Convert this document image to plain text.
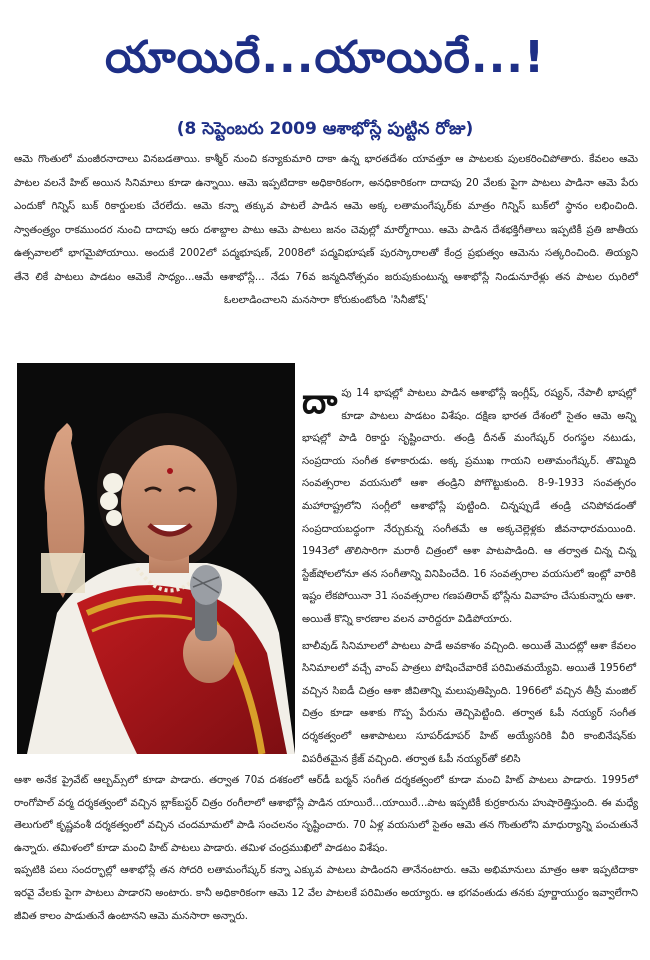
యాయిరే...యాయిరే...!
(8 సెప్టెంబరు 2009 ఆశాభోస్లే పుట్టిన రోజు)
ఆమె గొంతులో మంజీరనాదాలు వినబడతాయి. కాశ్మీర్ నుంచి కన్యాకుమారి దాకా ఉన్న భారతదేశం యావత్తూ ఆ పాటలకు పులకరించిపోతారు. కేవలం ఆమె పాటల వలనే హిట్ అయిన సినిమాలు కూడా ఉన్నాయి. ఆమె ఇప్పటిదాకా అధికారికంగా, అనధికారికంగా దాదాపు 20 వేలకు పైగా పాటలు పాడినా ఆమె పేరు ఎందుకో గిన్నిస్ బుక్ రికార్డులకు చేరలేదు. ఆమె కన్నా తక్కువ పాటలే పాడిన ఆమె అక్క లతామంగేష్కర్‌కు మాత్రం గిన్నిస్ బుక్‌లో స్థానం లభించింది. స్వాతంత్ర్యం రాకముందర నుంచి దాదాపు ఆరు దశాబ్దాల పాటు ఆమె పాటలు జనం చెవుల్లో మార్మోగాయి. ఆమె పాడిన దేశభక్తిగీతాలు ఇప్పటికీ ప్రతి జాతీయ ఉత్సవాలలో భాగమైపోయాయి. అందుకే 2002లో పద్మభూషణ్, 2008లో పద్మవిభూషణ్ పురస్కారాలతో కేంద్ర ప్రభుత్వం ఆమెను సత్కరించింది. తియ్యని తేనె లికే పాటలు పాడటం ఆమెకే సాధ్యం...ఆమే ఆశాభోస్లే... నేడు 76వ జన్మదినోత్సవం జరుపుకుంటున్న ఆశాభోస్లే నిండునూరేళ్లు తన పాటల ఝరిలో ఓలలాడించాలని మనసారా కోరుకుంటోంది 'సినీజోష్'

దా పు 14 భాషల్లో పాటలు పాడిన ఆశాభోస్లే ఇంగ్లీష్, రష్యన్, నేపాలీ భాషల్లో కూడా పాటలు పాడటం విశేషం. దక్షిణ భారత దేశంలో సైతం ఆమె అన్ని భాషల్లో పాడి రికార్డు సృష్టించారు. తండ్రి దీనత్ మంగేష్కర్ రంగస్థల నటుడు, సంప్రదాయ సంగీత కళాకారుడు. అక్క ప్రముఖ గాయని లతామంగేష్కర్. తొమ్మిది సంవత్సరాల వయసులో ఆశా తండ్రిని పోగొట్టుకుంది. 8-9-1933 సంవత్సరం మహారాష్ట్రలోని సంగ్లీలో ఆశాభోస్లే పుట్టింది. చిన్నప్పుడే తండ్రి చనిపోవడంతో సంప్రదాయబద్ధంగా నేర్చుకున్న సంగీతమే ఆ అక్కచెల్లెళ్లకు జీవనాధారమయింది. 1943లో తొలిసారిగా మరాఠీ చిత్రంలో ఆశా పాటపాడింది. ఆ తర్వాత చిన్న చిన్న స్టేజ్‌షోలలోనూ తన సంగీతాన్ని వినిపించేది. 16 సంవత్సరాల వయసులో ఇంట్లో వారికి ఇష్టం లేకపోయినా 31 సంవత్సరాల గణపతిరావ్ భోస్లేను వివాహం చేసుకున్నారు ఆశా. అయితే కొన్ని కారణాల వలన వారిద్దరూ విడిపోయారు.

బాలీవుడ్ సినిమాలలో పాటలు పాడే అవకాశం వచ్చింది. అయితే మొదట్లో ఆశా కేవలం సినిమాలలో వచ్చే వాంప్ పాత్రలు పోషించేవారికే పరిమితమయ్యేవి. అయితే 1956లో వచ్చిన సిఐడీ చిత్రం ఆశా జీవితాన్ని మలుపుతిప్పింది. 1966లో వచ్చిన తీస్రీ మంజిల్ చిత్రం కూడా ఆశాకు గొప్ప పేరును తెచ్చిపెట్టింది. తర్వాత ఓపీ నయ్యర్ సంగీత దర్శకత్వంలో ఆశాపాటలు సూపర్‌డూపర్ హిట్ అయ్యేసరికి వీరి కాంబినేషన్‌కు విపరీతమైన క్రేజ్ వచ్చింది. తర్వాత ఓపీ నయ్యర్‌తో కలిసి

ఆశా అనేక ప్రైవేట్ ఆల్బమ్స్‌లో కూడా పాడారు. తర్వాత 70వ దశకంలో ఆర్‌డీ బర్మన్ సంగీత దర్శకత్వంలో కూడా మంచి హిట్ పాటలు పాడారు. 1995లో రాంగోపాల్ వర్మ దర్శకత్వంలో వచ్చిన బ్లాక్‌బస్టర్ చిత్రం రంగీలాలో ఆశాభోస్లే పాడిన యాయిరే...యాయిరే...పాట ఇప్పటికీ కుర్రకారును హుషారెత్తిస్తుంది. ఈ మధ్యే తెలుగులో కృష్ణవంశీ దర్శకత్వంలో వచ్చిన చందమామలో పాడి సంచలనం సృష్టించారు. 70 ఏళ్ల వయసులో సైతం ఆమె తన గొంతులోని మాధుర్యాన్ని పంచుతునే ఉన్నారు. తమిళంలో కూడా మంచి హిట్ పాటలు పాడారు. తమిళ చంద్రముఖిలో పాడటం విశేషం.

ఇప్పటికి పలు సందర్భాల్లో ఆశాభోస్లే తన సోదరి లతామంగేష్కర్ కన్నా ఎక్కువ పాటలు పాడిందని తానేనంటారు. ఆమె అభిమానులు మాత్రం ఆశా ఇప్పటిదాకా ఇరవై వేలకు పైగా పాటలు పాడారని అంటారు. కానీ అధికారికంగా ఆమె 12 వేల పాటలకే పరిమితం అయ్యారు. ఆ భగవంతుడు తనకు పూర్ణాయుర్దం ఇవ్వాలేగాని జీవిత కాలం పాడుతునే ఉంటానని ఆమె మనసారా అన్నారు.
